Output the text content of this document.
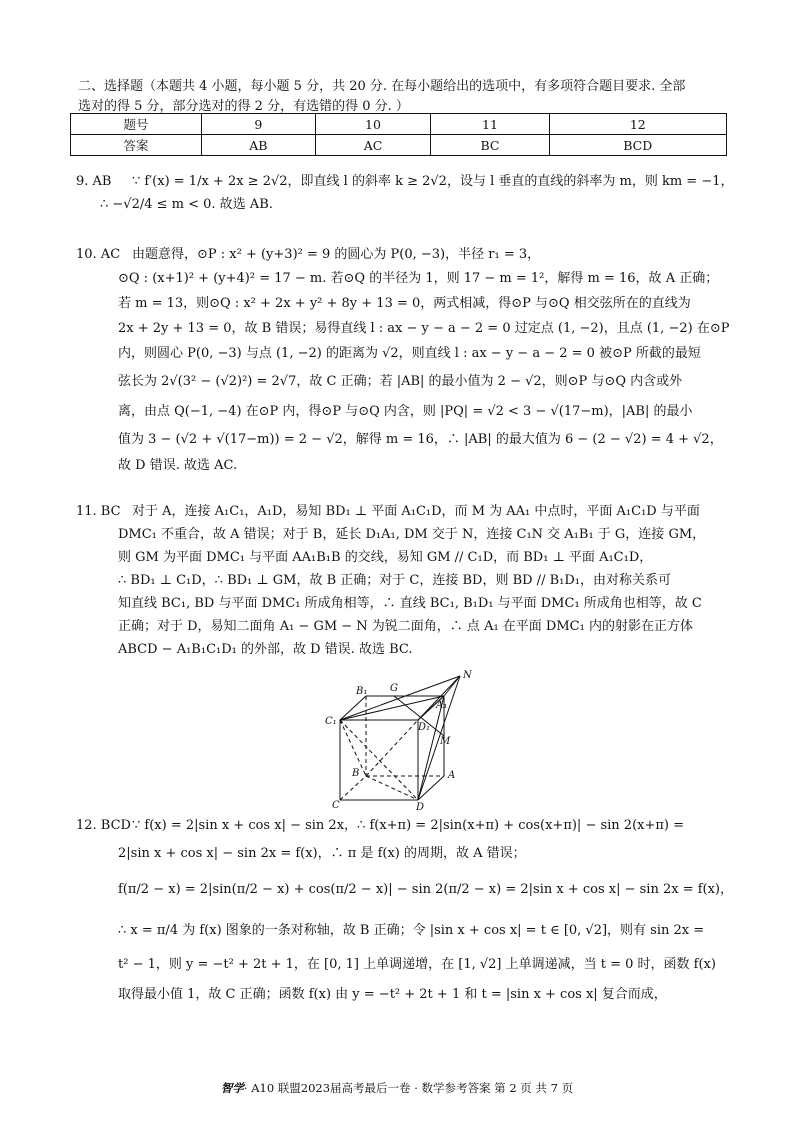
二、选择题（本题共 4 小题，每小题 5 分，共 20 分. 在每小题给出的选项中，有多项符合题目要求. 全部
选对的得 5 分，部分选对的得 2 分，有选错的得 0 分. ）
题号	9	10	11	12
答案	AB	AC	BC	BCD
9. AB ∵ f′(x) = 1/x + 2x ≥ 2√2，即直线 l 的斜率 k ≥ 2√2，设与 l 垂直的直线的斜率为 m，则 km = −1，
∴ −√2/4 ≤ m < 0. 故选 AB.
10. AC 由题意得，⊙P : x² + (y+3)² = 9 的圆心为 P(0, −3)，半径 r₁ = 3，
⊙Q : (x+1)² + (y+4)² = 17 − m. 若⊙Q 的半径为 1，则 17 − m = 1²，解得 m = 16，故 A 正确；
若 m = 13，则⊙Q : x² + 2x + y² + 8y + 13 = 0，两式相减，得⊙P 与⊙Q 相交弦所在的直线为
2x + 2y + 13 = 0，故 B 错误；易得直线 l : ax − y − a − 2 = 0 过定点 (1, −2)，且点 (1, −2) 在⊙P
内，则圆心 P(0, −3) 与点 (1, −2) 的距离为 √2，则直线 l : ax − y − a − 2 = 0 被⊙P 所截的最短
弦长为 2√(3² − (√2)²) = 2√7，故 C 正确；若 |AB| 的最小值为 2 − √2，则⊙P 与⊙Q 内含或外
离，由点 Q(−1, −4) 在⊙P 内，得⊙P 与⊙Q 内含，则 |PQ| = √2 < 3 − √(17−m)，|AB| 的最小
值为 3 − (√2 + √(17−m)) = 2 − √2，解得 m = 16，∴ |AB| 的最大值为 6 − (2 − √2) = 4 + √2，
故 D 错误. 故选 AC.
11. BC 对于 A，连接 A₁C₁，A₁D，易知 BD₁ ⊥ 平面 A₁C₁D，而 M 为 AA₁ 中点时，平面 A₁C₁D 与平面
DMC₁ 不重合，故 A 错误；对于 B，延长 D₁A₁, DM 交于 N，连接 C₁N 交 A₁B₁ 于 G，连接 GM，
则 GM 为平面 DMC₁ 与平面 AA₁B₁B 的交线，易知 GM // C₁D，而 BD₁ ⊥ 平面 A₁C₁D，
∴ BD₁ ⊥ C₁D，∴ BD₁ ⊥ GM，故 B 正确；对于 C，连接 BD，则 BD // B₁D₁，由对称关系可
知直线 BC₁, BD 与平面 DMC₁ 所成角相等，∴ 直线 BC₁, B₁D₁ 与平面 DMC₁ 所成角也相等，故 C
正确；对于 D，易知二面角 A₁ − GM − N 为锐二面角，∴ 点 A₁ 在平面 DMC₁ 内的射影在正方体
ABCD − A₁B₁C₁D₁ 的外部，故 D 错误. 故选 BC.
B₁ G
N
C₁
A₁
D₁
M
B	A
C	D
12. BCD∵ f(x) = 2|sin x + cos x| − sin 2x，∴ f(x+π) = 2|sin(x+π) + cos(x+π)| − sin 2(x+π) =
2|sin x + cos x| − sin 2x = f(x)，∴ π 是 f(x) 的周期，故 A 错误；
f(π/2 − x) = 2|sin(π/2 − x) + cos(π/2 − x)| − sin 2(π/2 − x) = 2|sin x + cos x| − sin 2x = f(x)，
∴ x = π/4 为 f(x) 图象的一条对称轴，故 B 正确；令 |sin x + cos x| = t ∈ [0, √2]，则有 sin 2x =
t² − 1，则 y = −t² + 2t + 1，在 [0, 1] 上单调递增，在 [1, √2] 上单调递减，当 t = 0 时，函数 f(x)
取得最小值 1，故 C 正确；函数 f(x) 由 y = −t² + 2t + 1 和 t = |sin x + cos x| 复合而成，
智学· A10 联盟2023届高考最后一卷 · 数学参考答案 第 2 页 共 7 页
